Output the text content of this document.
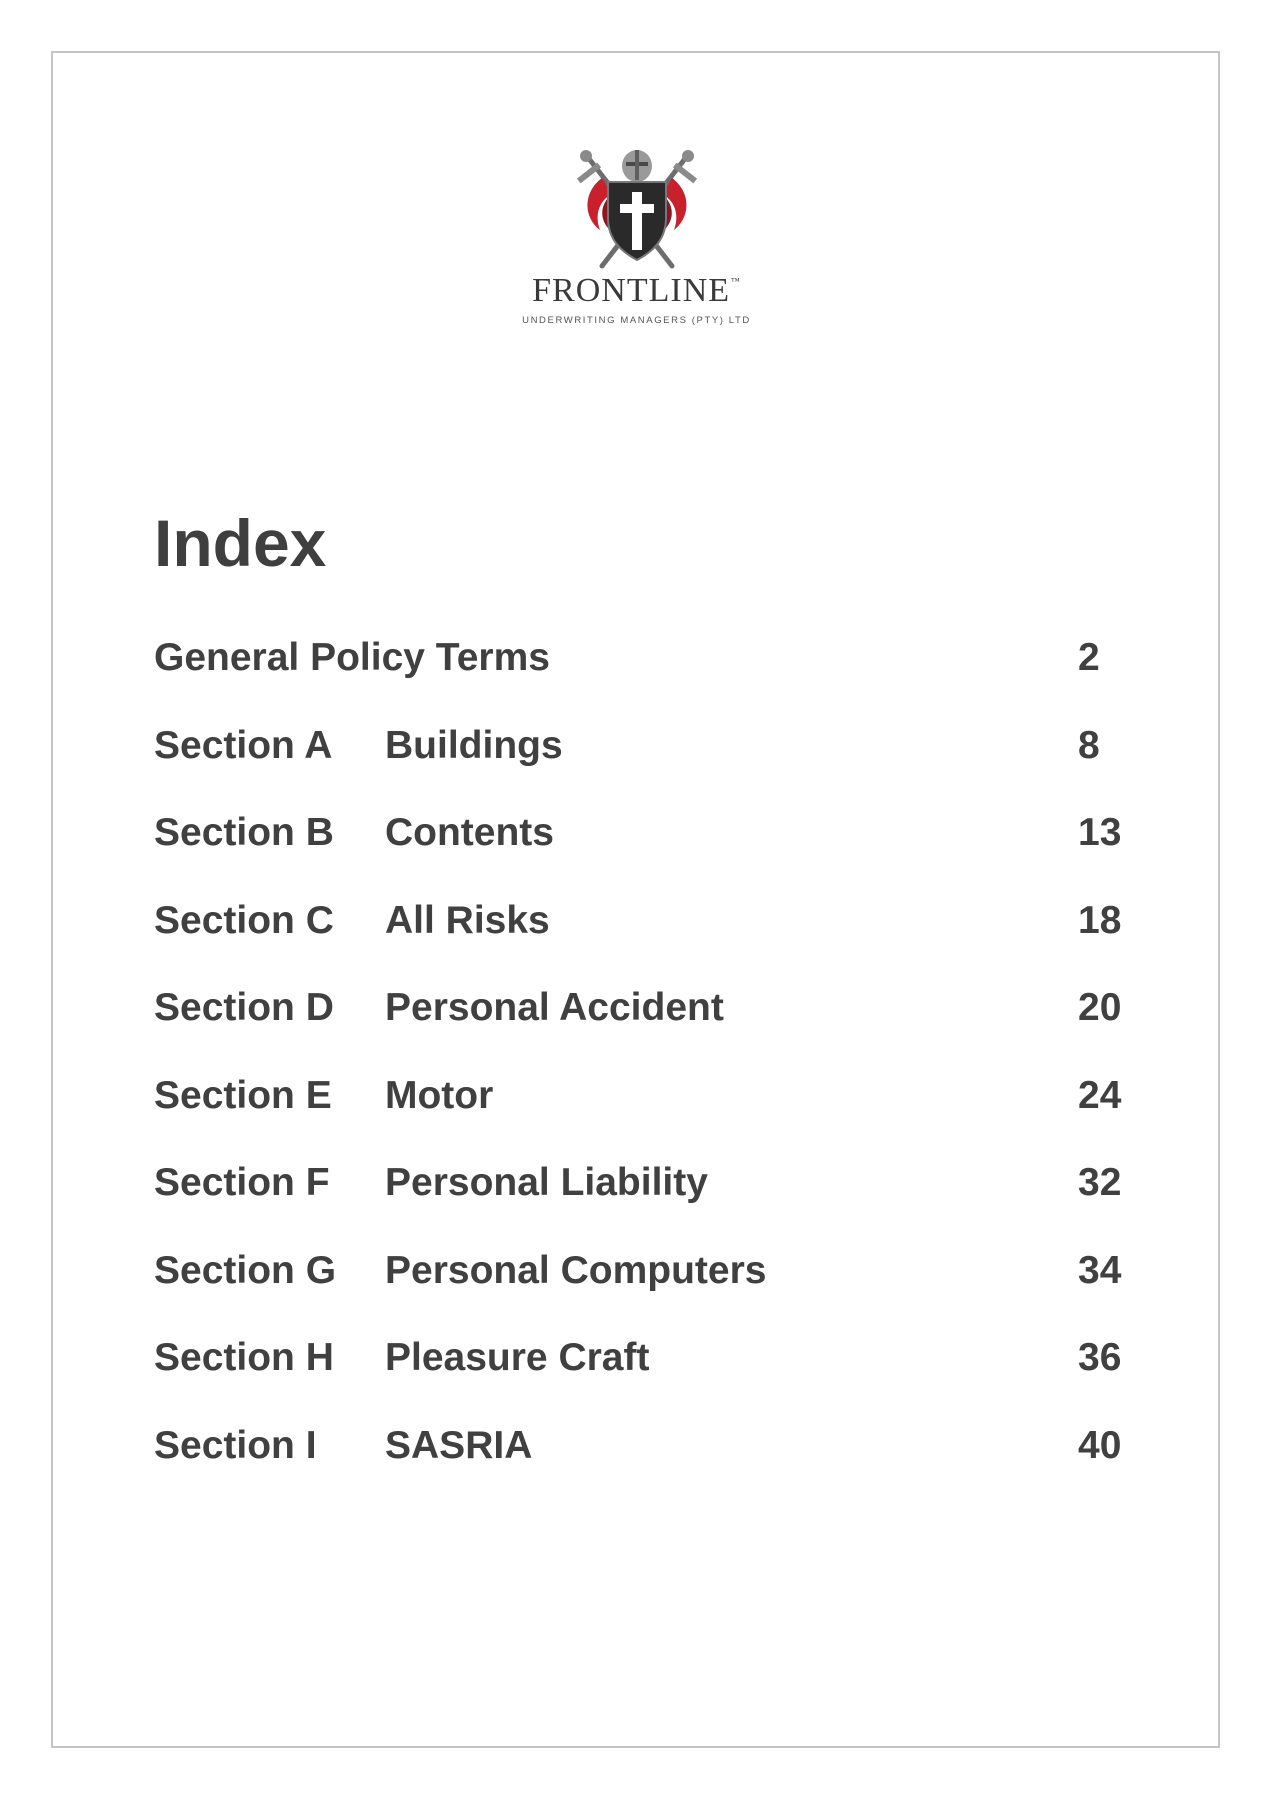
FRONTLINE™
UNDERWRITING MANAGERS (PTY) LTD
Index
General Policy Terms	2
Section A Buildings	8
Section B Contents	13
Section C All Risks	18
Section D Personal Accident	20
Section E Motor	24
Section F Personal Liability	32
Section G Personal Computers	34
Section H Pleasure Craft	36
Section I SASRIA	40
